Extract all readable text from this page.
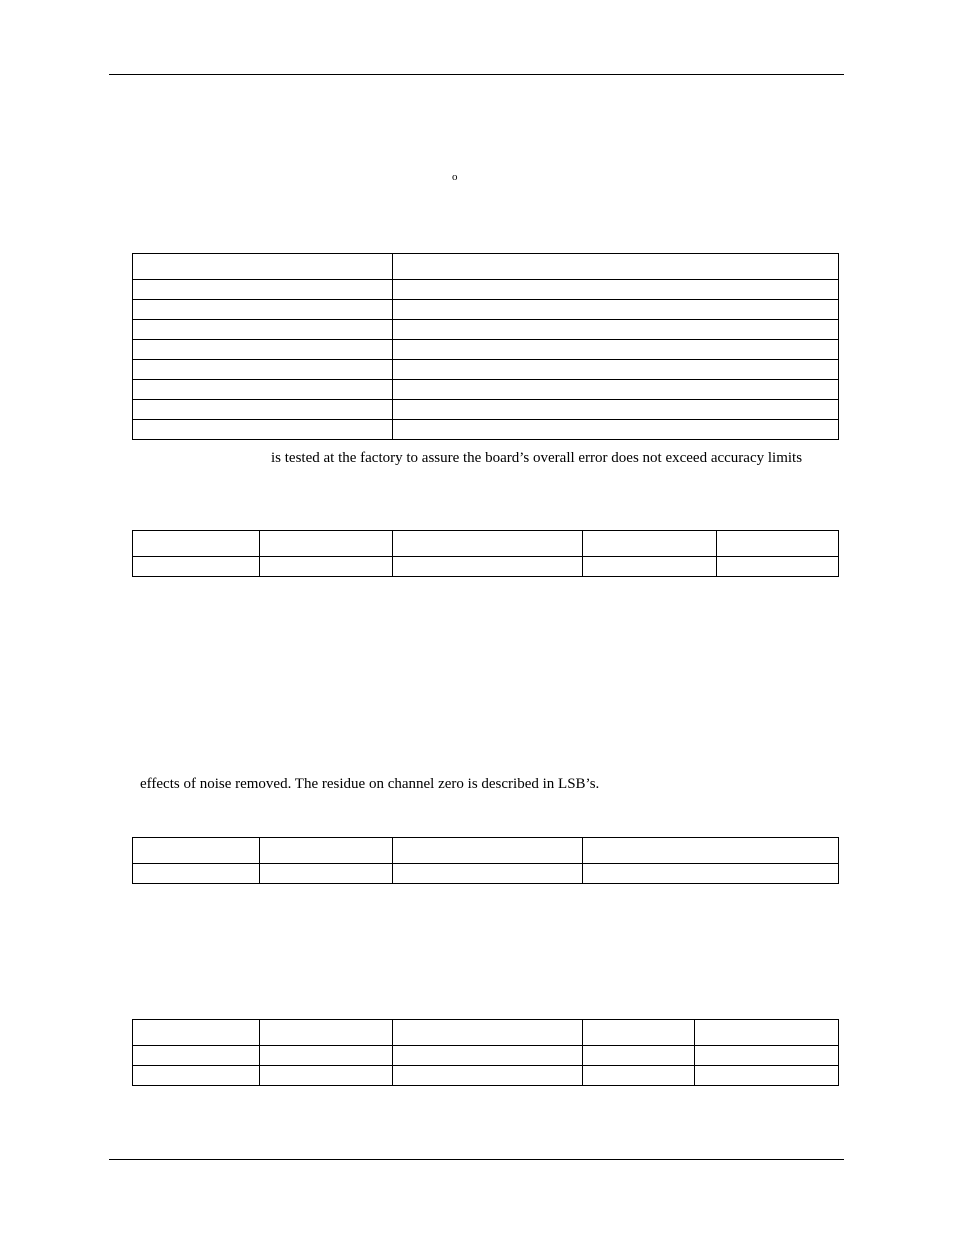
o

is tested at the factory to assure the board’s overall error does not exceed accuracy limits

effects of noise removed. The residue on channel zero is described in LSB’s.
